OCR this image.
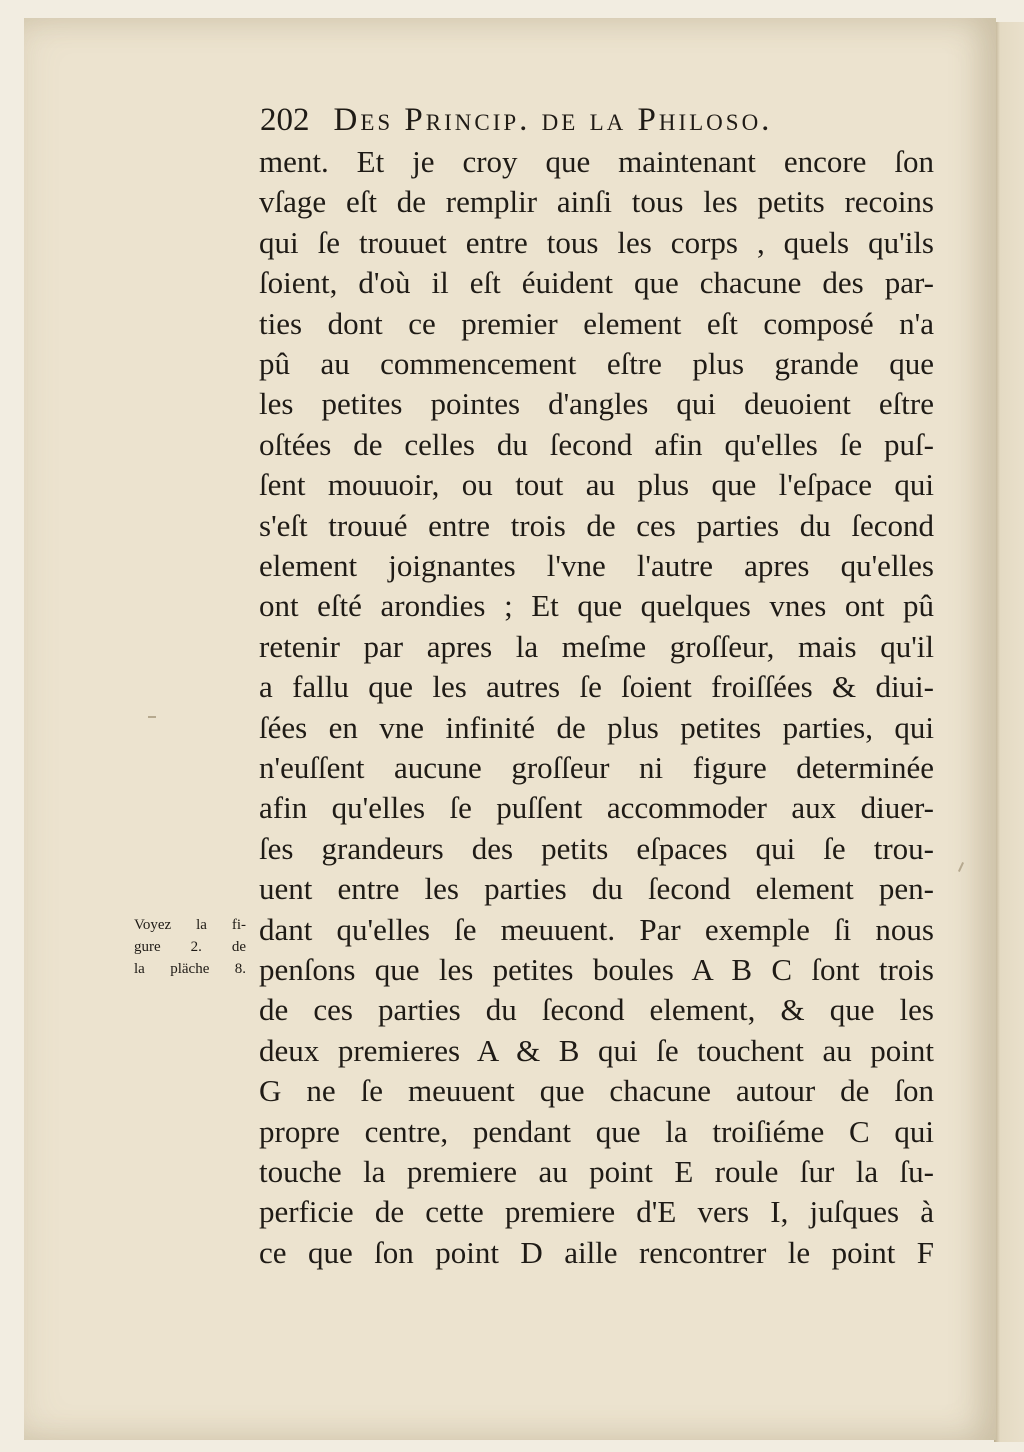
202 Des Princip. de la Philoso.
ment. Et je croy que maintenant encore ſon
vſage eſt de remplir ainſi tous les petits recoins
qui ſe trouuet entre tous les corps , quels qu'ils
ſoient, d'où il eſt éuident que chacune des par-
ties dont ce premier element eſt composé n'a
pû au commencement eſtre plus grande que
les petites pointes d'angles qui deuoient eſtre
oſtées de celles du ſecond afin qu'elles ſe puſ-
ſent mouuoir, ou tout au plus que l'eſpace qui
s'eſt trouué entre trois de ces parties du ſecond
element joignantes l'vne l'autre apres qu'elles
ont eſté arondies ; Et que quelques vnes ont pû
retenir par apres la meſme groſſeur, mais qu'il
a fallu que les autres ſe ſoient froiſſées & diui-
ſées en vne infinité de plus petites parties, qui
n'euſſent aucune groſſeur ni figure determinée
afin qu'elles ſe puſſent accommoder aux diuer-
ſes grandeurs des petits eſpaces qui ſe trou-
uent entre les parties du ſecond element pen-
dant qu'elles ſe meuuent. Par exemple ſi nous
penſons que les petites boules A B C ſont trois
de ces parties du ſecond element, & que les
deux premieres A & B qui ſe touchent au point
G ne ſe meuuent que chacune autour de ſon
propre centre, pendant que la troiſiéme C qui
touche la premiere au point E roule ſur la ſu-
perficie de cette premiere d'E vers I, juſques à
ce que ſon point D aille rencontrer le point F
Voyez la fi-
gure 2. de
la pläche 8.
